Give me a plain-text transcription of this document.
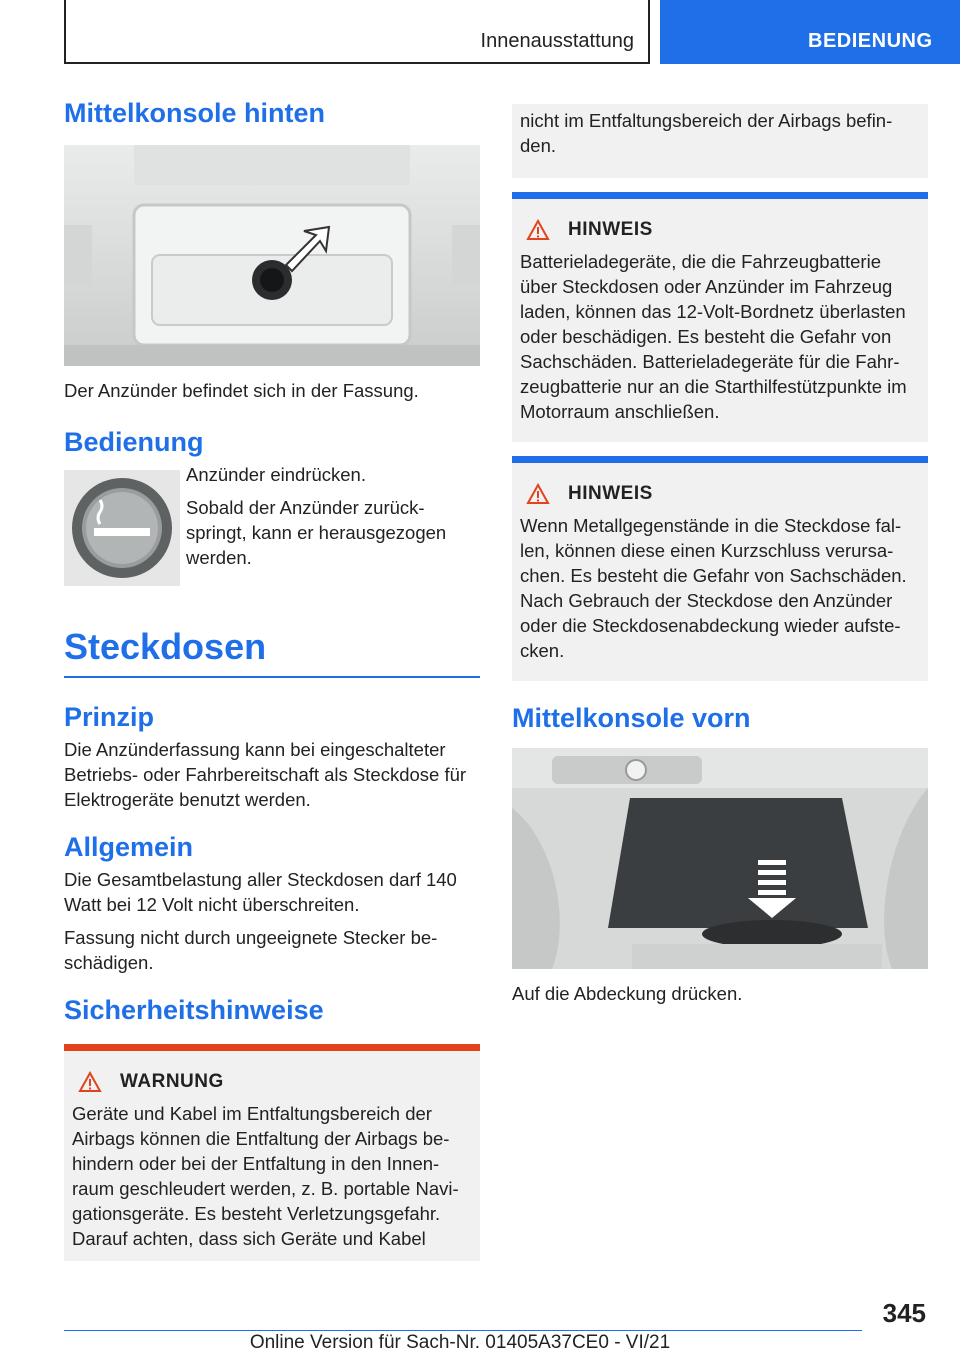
Innenausstattung	BEDIENUNG
Mittelkonsole hinten

Der Anzünder befindet sich in der Fassung.

Bedienung

Anzünder eindrücken.

Sobald der Anzünder zurück-springt, kann er herausgezogen werden.

Steckdosen
Prinzip

Die Anzünderfassung kann bei eingeschalteter Betriebs- oder Fahrbereitschaft als Steckdose für Elektrogeräte benutzt werden.

Allgemein

Die Gesamtbelastung aller Steckdosen darf 140 Watt bei 12 Volt nicht überschreiten.

Fassung nicht durch ungeeignete Stecker be-schädigen.

Sicherheitshinweise
WARNUNG

Geräte und Kabel im Entfaltungsbereich der Airbags können die Entfaltung der Airbags be-hindern oder bei der Entfaltung in den Innen-raum geschleudert werden, z. B. portable Navi-gationsgeräte. Es besteht Verletzungsgefahr. Darauf achten, dass sich Geräte und Kabel

nicht im Entfaltungsbereich der Airbags befin-den.

HINWEIS

Batterieladegeräte, die die Fahrzeugbatterie über Steckdosen oder Anzünder im Fahrzeug laden, können das 12-Volt-Bordnetz überlasten oder beschädigen. Es besteht die Gefahr von Sachschäden. Batterieladegeräte für die Fahr-zeugbatterie nur an die Starthilfestützpunkte im Motorraum anschließen.

HINWEIS

Wenn Metallgegenstände in die Steckdose fal-len, können diese einen Kurzschluss verursa-chen. Es besteht die Gefahr von Sachschäden. Nach Gebrauch der Steckdose den Anzünder oder die Steckdosenabdeckung wieder aufste-cken.

Mittelkonsole vorn

Auf die Abdeckung drücken.

345
Online Version für Sach-Nr. 01405A37CE0 - VI/21
